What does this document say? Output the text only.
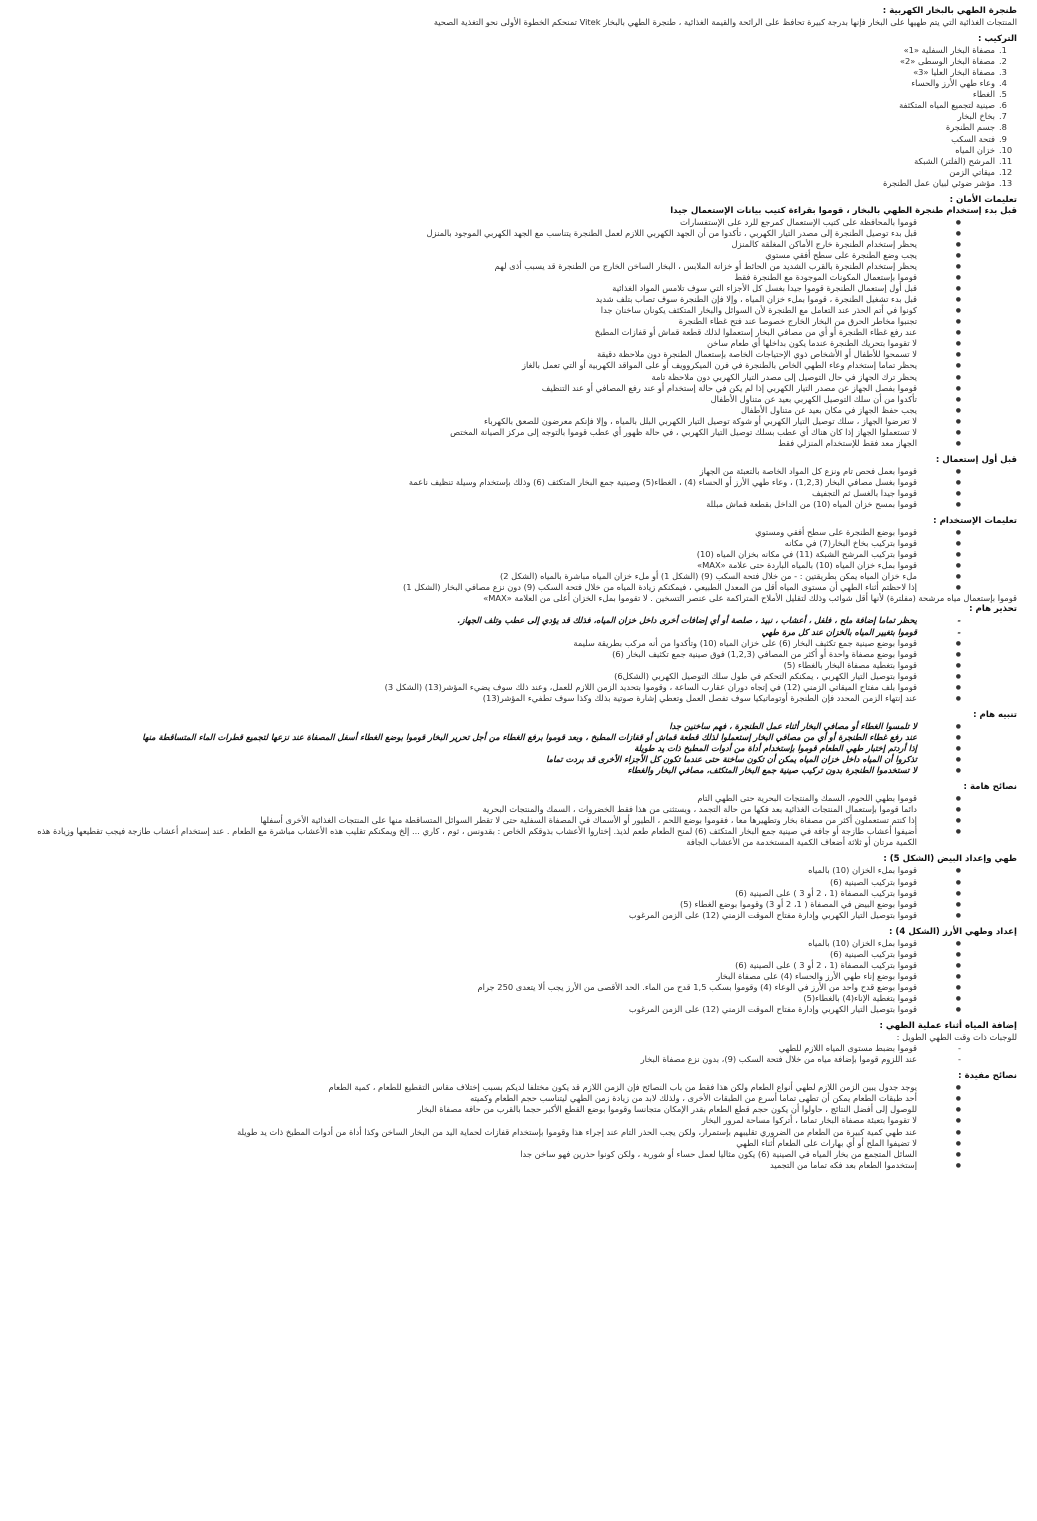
طنجرة الطهي بالبخار الكهربية :
المنتجات الغذائية التي يتم طهيها على البخار فإنها بدرجة كبيرة تحافظ على الرائحة والقيمة الغذائية ، طنجرة الطهي بالبخار Vitek تمنحكم الخطوة الأولى نحو التغذية الصحية
التركيب :
1.
مصفاة البخار السفلية «1»
2.
مصفاة البخار الوسطى «2»
3.
مصفاة البخار العليا «3»
4.
وعاء طهي الأرز والحساء
5.
الغطاء
6.
صينية لتجميع المياه المتكثفة
7.
بخاخ البخار
8.
جسم الطنجرة
9.
فتحة السكب
10.
خزان المياه
11.
المرشح (الفلتر) الشبكة
12.
ميقاتي الزمن
13.
مؤشر ضوئي لبيان عمل الطنجرة
تعليمات الأمان :
قبل بدء إستخدام طنجرة الطهي بالبخار ، قوموا بقراءة كتيب بيانات الإستعمال جيدا
● قوموا بالمحافظة على كتيب الإستعمال كمرجع للرد على الإستفسارات
● قبل بدء توصيل الطنجرة إلى مصدر التيار الكهربي ، تأكدوا من أن الجهد الكهربي اللازم لعمل الطنجرة يتناسب مع الجهد الكهربي الموجود بالمنزل
● يحظر إستخدام الطنجرة خارج الأماكن المغلقة كالمنزل
● يجب وضع الطنجرة على سطح أفقي مستوي
● يحظر إستخدام الطنجرة بالقرب الشديد من الحائط أو خزانة الملابس ، البخار الساخن الخارج من الطنجرة قد يسبب أذى لهم
● قوموا بإستعمال المكونات الموجودة مع الطنجرة فقط
● قبل أول إستعمال الطنجرة قوموا جيدا بغسل كل الأجزاء التي سوف تلامس المواد الغذائية
● قبل بدء تشغيل الطنجرة ، قوموا بملء خزان المياه ، وإلا فإن الطنجرة سوف تصاب بتلف شديد
● كونوا في أتم الحذر عند التعامل مع الطنجرة لأن السوائل والبخار المتكثف يكونان ساخنان جدا
● تجنبوا مخاطر الحرق من البخار الخارج خصوصا عند فتح غطاء الطنجرة
● عند رفع غطاء الطنجرة أو أي من مصافي البخار إستعملوا لذلك قطعة قماش أو قفازات المطبخ
● لا تقوموا بتحريك الطنجرة عندما يكون بداخلها أي طعام ساخن
● لا تسمحوا للأطفال أو الأشخاص ذوي الإحتياجات الخاصة بإستعمال الطنجرة دون ملاحظة دقيقة
● يحظر تماما إستخدام وعاء الطهي الخاص بالطنجرة في فرن الميكروويف أو على المواقد الكهربية أو التي تعمل بالغاز
● يحظر ترك الجهاز في حال التوصيل إلى مصدر التيار الكهربي دون ملاحظة تامة
● قوموا بفصل الجهاز عن مصدر التيار الكهربي إذا لم يكن في حالة إستخدام أو عند رفع المصافي أو عند التنظيف
● تأكدوا من أن سلك التوصيل الكهربي بعيد عن متناول الأطفال
● يجب حفظ الجهاز في مكان بعيد عن متناول الأطفال
● لا تعرضوا الجهاز ، سلك توصيل التيار الكهربي أو شوكة توصيل التيار الكهربي البلل بالمياه ، وإلا فإنكم معرضون للصعق بالكهرباء
● لا تستعملوا الجهاز إذا كان هناك أي عطب بسلك توصيل التيار الكهربي ، في حالة ظهور أي عطب قوموا بالتوجه إلى مركز الصيانة المختص
● الجهاز معد فقط للإستخدام المنزلي فقط
قبل أول إستعمال :
● قوموا بعمل فحص تام ونزع كل المواد الخاصة بالتعبئة من الجهاز
● قوموا بغسل مصافي البخار (1,2,3) ، وعاء طهي الأرز أو الحساء (4) ، الغطاء(5) وصينية جمع البخار المتكثف (6) وذلك بإستخدام وسيلة تنظيف ناعمة
● قوموا جيدا بالغسل ثم التجفيف
● قوموا بمسح خزان المياه (10) من الداخل بقطعة قماش مبللة
تعليمات الإستخدام :
● قوموا بوضع الطنجرة على سطح أفقي ومستوي
● قوموا بتركيب بخاخ البخار(7) في مكانه
● قوموا بتركيب المرشح الشبكة (11) في مكانه بخزان المياه (10)
● قوموا بملء خزان المياه (10) بالمياه الباردة حتى علامة «MAX»
● ملء خزان المياه يمكن بطريقتين : - من خلال فتحة السكب (9) (الشكل 1) أو ملء خزان المياه مباشرة بالمياه (الشكل 2)
● إذا لاحظتم أثناء الطهي أن مستوى المياه أقل من المعدل الطبيعي ، فيمكنكم زيادة المياه من خلال فتحة السكب (9) دون نزع مصافي البخار (الشكل 1)
قوموا بإستعمال مياه مرشحة (مفلترة) لأنها أقل شوائب وذلك لتقليل الأملاح المتراكمة على عنصر التسخين . لا تقوموا بملء الخزان أعلى من العلامة «MAX»
تحذير هام :
- يحظر تماما إضافة ملح ، فلفل ، أعشاب ، نبيذ ، صلصة أو أي إضافات أخرى داخل خزان المياه، فذلك قد يؤدي إلى عطب وتلف الجهاز.
- قوموا بتغيير المياه بالخزان عند كل مرة طهي
● قوموا بوضع صينية جمع تكثيف البخار (6) على خزان المياه (10) وتأكدوا من أنه مركب بطريقة سليمة
● قوموا بوضع مصفاة واحدة أو أكثر من المصافي (1,2,3) فوق صينية جمع تكثيف البخار (6)
● قوموا بتغطية مصفاة البخار بالغطاء (5)
● قوموا بتوصيل التيار الكهربي ، يمكنكم التحكم في طول سلك التوصيل الكهربي (الشكل6)
● قوموا بلف مفتاح الميقاتي الزمني (12) في إتجاه دوران عقارب الساعة ، وقوموا بتحديد الزمن اللازم للعمل، وعند ذلك سوف يضيء المؤشر(13) (الشكل 3)
● عند إنتهاء الزمن المحدد فإن الطنجرة أوتوماتيكيا سوف تفصل العمل وتعطي إشارة صوتية بذلك وكذا سوف تطفيء المؤشر(13)
تنبيه هام :
● لا تلمسوا الغطاء أو مصافي البخار أثناء عمل الطنجرة ، فهم ساخنين جدا
● عند رفع غطاء الطنجرة أو أي من مصافي البخار إستعملوا لذلك قطعة قماش أو قفازات المطبخ ، وبعد قوموا برفع الغطاء من أجل تحرير البخار قوموا بوضع الغطاء أسفل المصفاة عند نزعها لتجميع قطرات الماء المتساقطة منها
● إذا أردتم إختبار طهي الطعام قوموا بإستخدام أداة من أدوات المطبخ ذات يد طويلة
● تذكروا أن المياه داخل خزان المياه يمكن أن تكون ساخنة حتى عندما تكون كل الأجزاء الأخرى قد بردت تماما
● لا تستخدموا الطنجرة بدون تركيب صينية جمع البخار المتكثف، مصافي البخار والغطاء
نصائح هامة :
● قوموا بطهي اللحوم، السمك والمنتجات البحرية حتى الطهي التام
● دائما قوموا بإستعمال المنتجات الغذائية بعد فكها من حالة التجمد ، ويستثنى من هذا فقط الخضروات ، السمك والمنتجات البحرية
● إذا كنتم تستعملون أكثر من مصفاة بخار وتطهيرها معا ، فقوموا بوضع اللحم ، الطيور أو الأسماك في المصفاة السفلية حتى لا تقطر السوائل المتساقطة منها على المنتجات الغذائية الأخرى أسفلها
● أضيفوا أعشاب طازجة أو جافة في صينية جمع البخار المتكثف (6) لمنح الطعام طعم لذيذ. إختاروا الأعشاب بذوقكم الخاص : بقدونس ، ثوم ، كاري ... إلخ ويمكنكم تقليب هذه الأعشاب مباشرة مع الطعام . عند إستخدام أعشاب طازجة فيجب تقطيعها وزيادة هذه الكمية مرتان أو ثلاثة أضعاف الكمية المستخدمة من الأعشاب الجافة
طهي وإعداد البيض (الشكل 5) :
● قوموا بملء الخزان (10) بالمياه
● قوموا بتركيب الصينية (6)
● قوموا بتركيب المصفاة (1 ، 2 أو 3 ) على الصينية (6)
● قوموا بوضع البيض في المصفاة ( 1، 2 أو 3) وقوموا بوضع الغطاء (5)
● قوموا بتوصيل التيار الكهربي وإدارة مفتاح الموقت الزمني (12) على الزمن المرغوب
إعداد وطهي الأرز (الشكل 4) :
● قوموا بملء الخزان (10) بالمياه
● قوموا بتركيب الصينية (6)
● قوموا بتركيب المصفاة (1 ، 2 أو 3 ) على الصينية (6)
● قوموا بوضع إناء طهي الأرز والحساء (4) على مصفاة البخار
● قوموا بوضع قدح واحد من الأرز في الوعاء (4) وقوموا بسكب 1,5 قدح من الماء. الحد الأقصى من الأرز يجب ألا يتعدى 250 جرام
● قوموا بتغطية الإناء(4) بالغطاء(5)
● قوموا بتوصيل التيار الكهربي وإدارة مفتاح الموقت الزمني (12) على الزمن المرغوب
إضافة المياه أثناء عملية الطهي :
للوجبات ذات وقت الطهي الطويل :
- قوموا بضبط مستوى المياه اللازم للطهي
- عند اللزوم قوموا بإضافة مياه من خلال فتحة السكب (9)، بدون نزع مصفاة البخار
نصائح مفيدة :
● يوجد جدول يبين الزمن اللازم لطهي أنواع الطعام ولكن هذا فقط من باب النصائح فإن الزمن اللازم قد يكون مختلفا لديكم بسبب إختلاف مقاس التقطيع للطعام ، كمية الطعام
● أحد طبقات الطعام يمكن أن تطهى تماما أسرع من الطبقات الأخرى ، ولذلك لابد من زيادة زمن الطهي ليتناسب حجم الطعام وكميته
● للوصول إلى أفضل النتائج ، حاولوا أن يكون حجم قطع الطعام بقدر الإمكان متجانسا وقوموا بوضع القطع الأكبر حجما بالقرب من حافة مصفاة البخار
● لا تقوموا بتعبئة مصفاة البخار تماما ، أتركوا مساحة لمرور البخار
● عند طهي كمية كبيرة من الطعام من الضروري تقليبهم بإستمرار، ولكن يجب الحذر التام عند إجراء هذا وقوموا بإستخدام قفازات لحماية اليد من البخار الساخن وكذا أداة من أدوات المطبخ ذات يد طويلة
● لا تضيفوا الملح أو أي بهارات على الطعام أثناء الطهي
● السائل المتجمع من بخار المياه في الصينية (6) يكون مثاليا لعمل حساء أو شوربة ، ولكن كونوا حذرين فهو ساخن جدا
● إستخدموا الطعام بعد فكه تماما من التجميد
